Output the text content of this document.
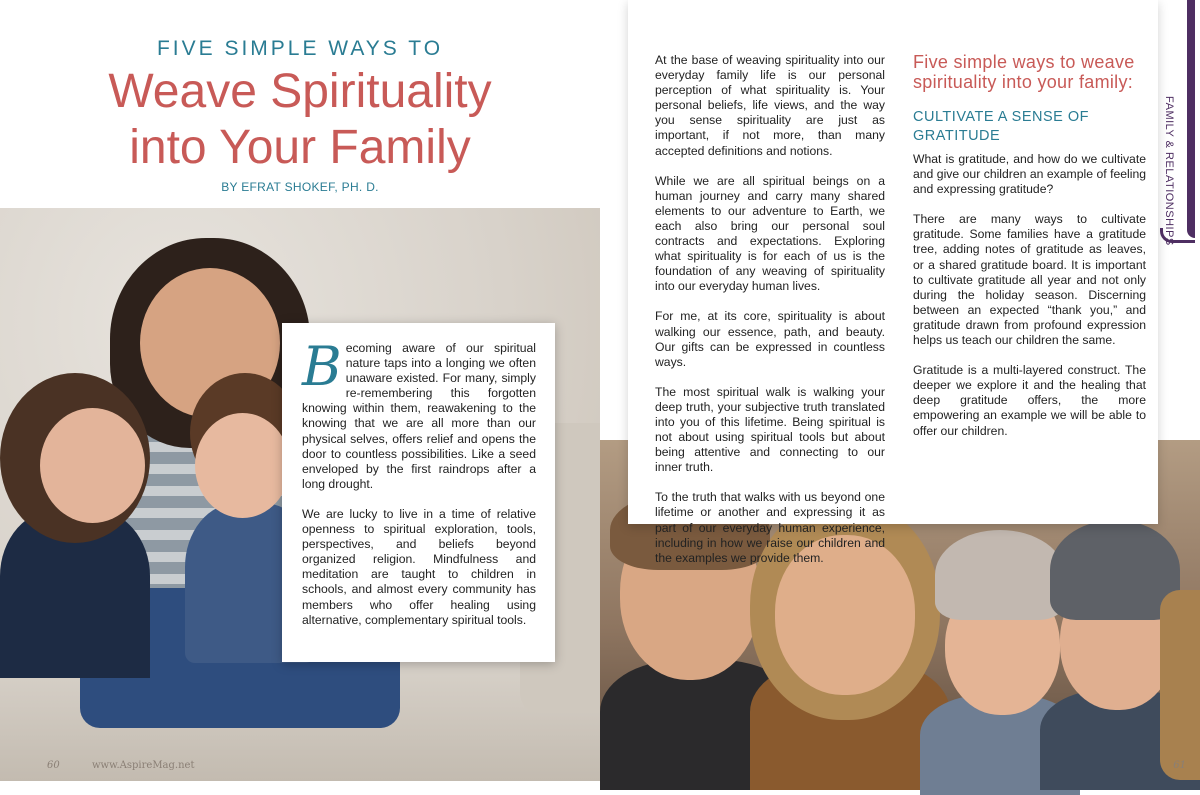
FIVE SIMPLE WAYS TO
Weave Spirituality
into Your Family
BY EFRAT SHOKEF, PH. D.

Becoming aware of our spiritual nature taps into a longing we often unaware existed. For many, simply re-remembering this forgotten knowing within them, reawakening to the knowing that we are all more than our physical selves, offers relief and opens the door to countless possibilities. Like a seed enveloped by the first raindrops after a long drought.

We are lucky to live in a time of relative openness to spiritual exploration, tools, perspectives, and beliefs beyond organized religion. Mindfulness and meditation are taught to children in schools, and almost every community has members who offer healing using alternative, complementary spiritual tools.

At the base of weaving spirituality into our everyday family life is our personal perception of what spirituality is. Your personal beliefs, life views, and the way you sense spirituality are just as important, if not more, than many accepted definitions and notions.

While we are all spiritual beings on a human journey and carry many shared elements to our adventure to Earth, we each also bring our personal soul contracts and expectations. Exploring what spirituality is for each of us is the foundation of any weaving of spirituality into our everyday human lives.

For me, at its core, spirituality is about walking our essence, path, and beauty. Our gifts can be expressed in countless ways.

The most spiritual walk is walking your deep truth, your subjective truth translated into you of this lifetime. Being spiritual is not about using spiritual tools but about being attentive and connecting to our inner truth.

To the truth that walks with us beyond one lifetime or another and expressing it as part of our everyday human experience, including in how we raise our children and the examples we provide them.

Five simple ways to weave spirituality into your family:
CULTIVATE A SENSE OF GRATITUDE

What is gratitude, and how do we cultivate and give our children an example of feeling and expressing gratitude?

There are many ways to cultivate gratitude. Some families have a gratitude tree, adding notes of gratitude as leaves, or a shared gratitude board. It is important to cultivate gratitude all year and not only during the holiday season. Discerning between an expected “thank you,” and gratitude drawn from profound expression helps us teach our children the same.

Gratitude is a multi-layered construct. The deeper we explore it and the healing that deep gratitude offers, the more empowering an example we will be able to offer our children.

FAMILY & RELATIONSHIPS
60	www.AspireMag.net	61
